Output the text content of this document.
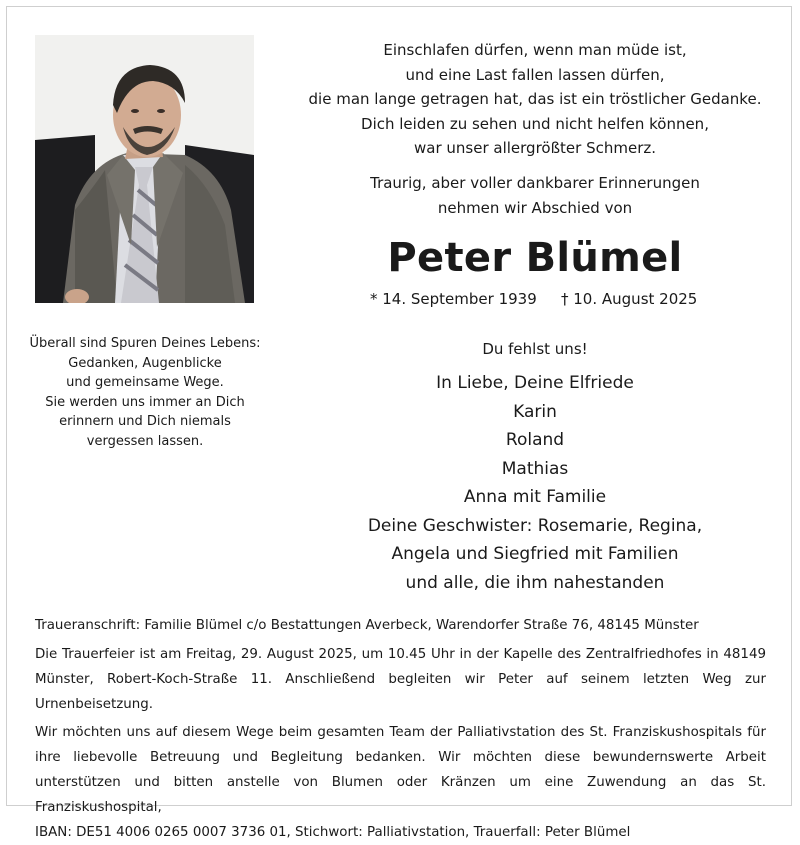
Einschlafen dürfen, wenn man müde ist,
und eine Last fallen lassen dürfen,
die man lange getragen hat, das ist ein tröstlicher Gedanke.
Dich leiden zu sehen und nicht helfen können,
war unser allergrößter Schmerz.
Traurig, aber voller dankbarer Erinnerungen
nehmen wir Abschied von
Peter Blümel
* 14. September 1939 † 10. August 2025
Überall sind Spuren Deines Lebens:
Gedanken, Augenblicke
und gemeinsame Wege.
Sie werden uns immer an Dich
erinnern und Dich niemals
vergessen lassen.
Du fehlst uns!
In Liebe, Deine Elfriede
Karin
Roland
Mathias
Anna mit Familie
Deine Geschwister: Rosemarie, Regina,
Angela und Siegfried mit Familien
und alle, die ihm nahestanden

Traueranschrift: Familie Blümel c/o Bestattungen Averbeck, Warendorfer Straße 76, 48145 Münster

Die Trauerfeier ist am Freitag, 29. August 2025, um 10.45 Uhr in der Kapelle des Zentralfriedhofes in 48149 Münster, Robert-Koch-Straße 11. Anschließend begleiten wir Peter auf seinem letzten Weg zur Urnenbeisetzung.

Wir möchten uns auf diesem Wege beim gesamten Team der Palliativstation des St. Franziskushospitals für ihre liebevolle Betreuung und Begleitung bedanken. Wir möchten diese bewundernswerte Arbeit unterstützen und bitten anstelle von Blumen oder Kränzen um eine Zuwendung an das St. Franziskushospital,

IBAN: DE51 4006 0265 0007 3736 01, Stichwort: Palliativstation, Trauerfall: Peter Blümel
